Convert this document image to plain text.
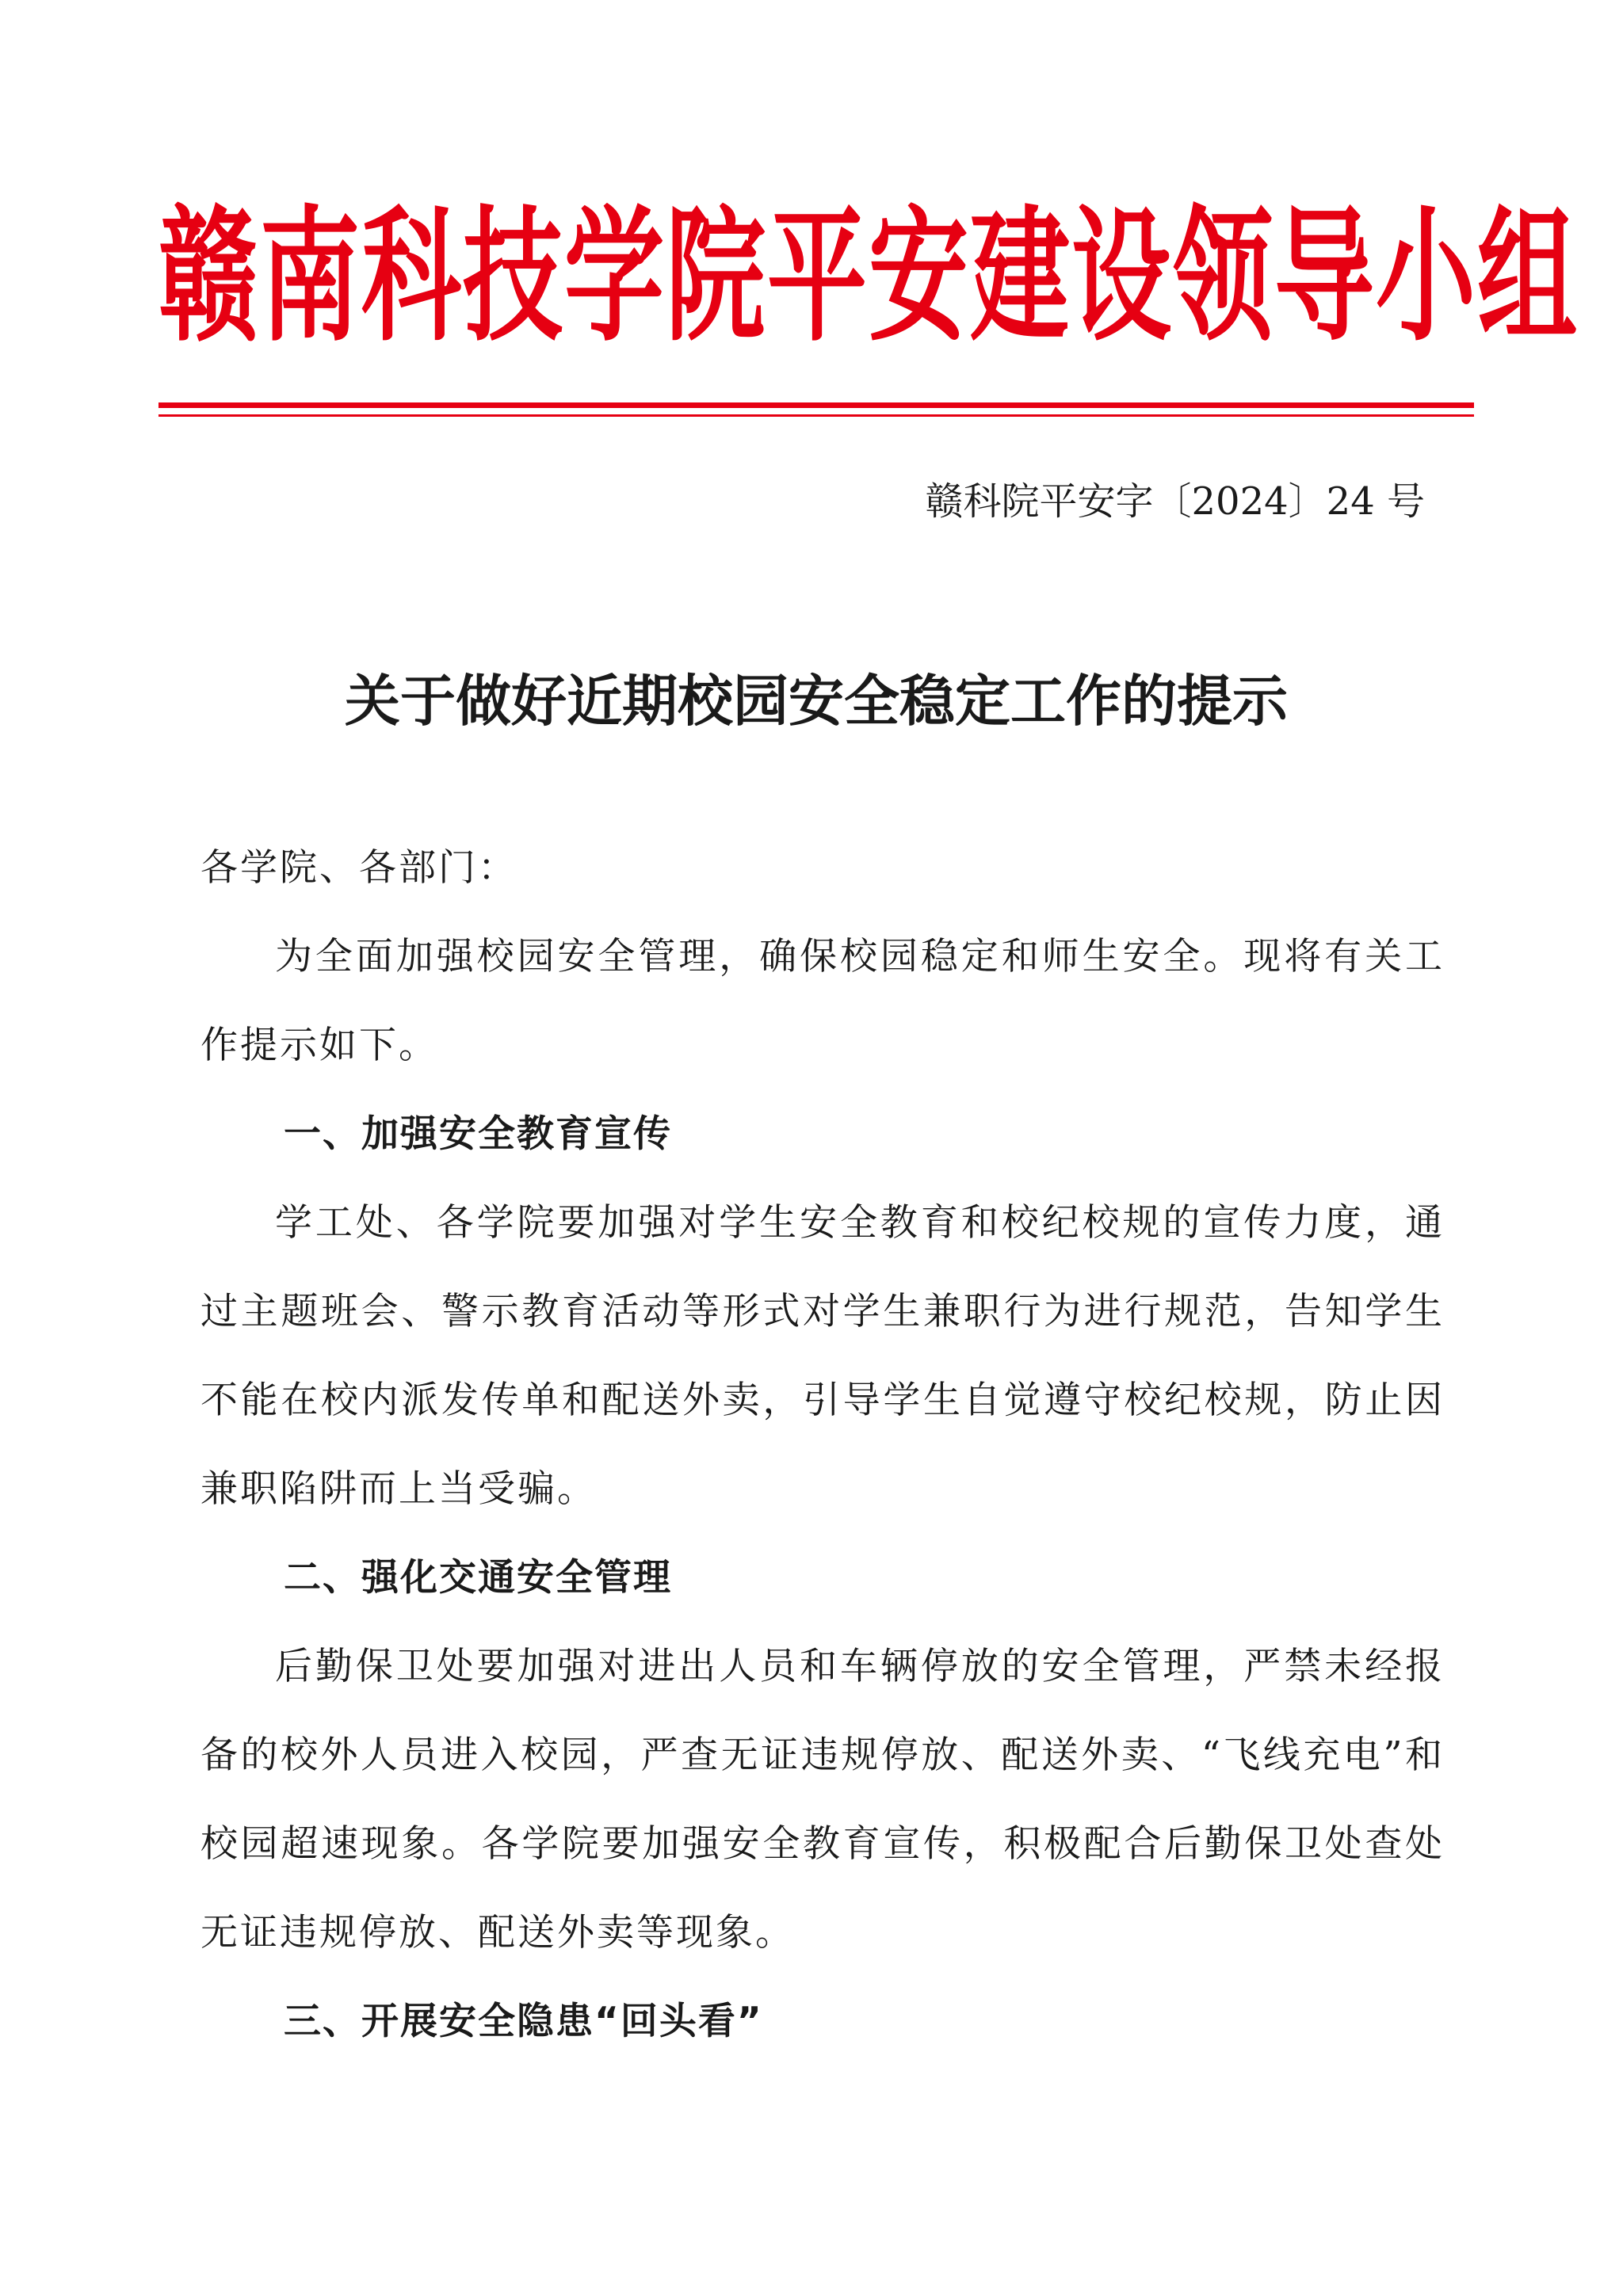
赣南科技学院平安建设领导小组
赣科院平安字〔2024〕24 号
关于做好近期校园安全稳定工作的提示

各学院、各部门：

为全面加强校园安全管理，确保校园稳定和师生安全。现将有关工作提示如下。

一、加强安全教育宣传

学工处、各学院要加强对学生安全教育和校纪校规的宣传力度，通过主题班会、警示教育活动等形式对学生兼职行为进行规范，告知学生不能在校内派发传单和配送外卖，引导学生自觉遵守校纪校规，防止因兼职陷阱而上当受骗。

二、强化交通安全管理

后勤保卫处要加强对进出人员和车辆停放的安全管理，严禁未经报备的校外人员进入校园，严查无证违规停放、配送外卖、“飞线充电”和校园超速现象。各学院要加强安全教育宣传，积极配合后勤保卫处查处无证违规停放、配送外卖等现象。

三、开展安全隐患“回头看”
